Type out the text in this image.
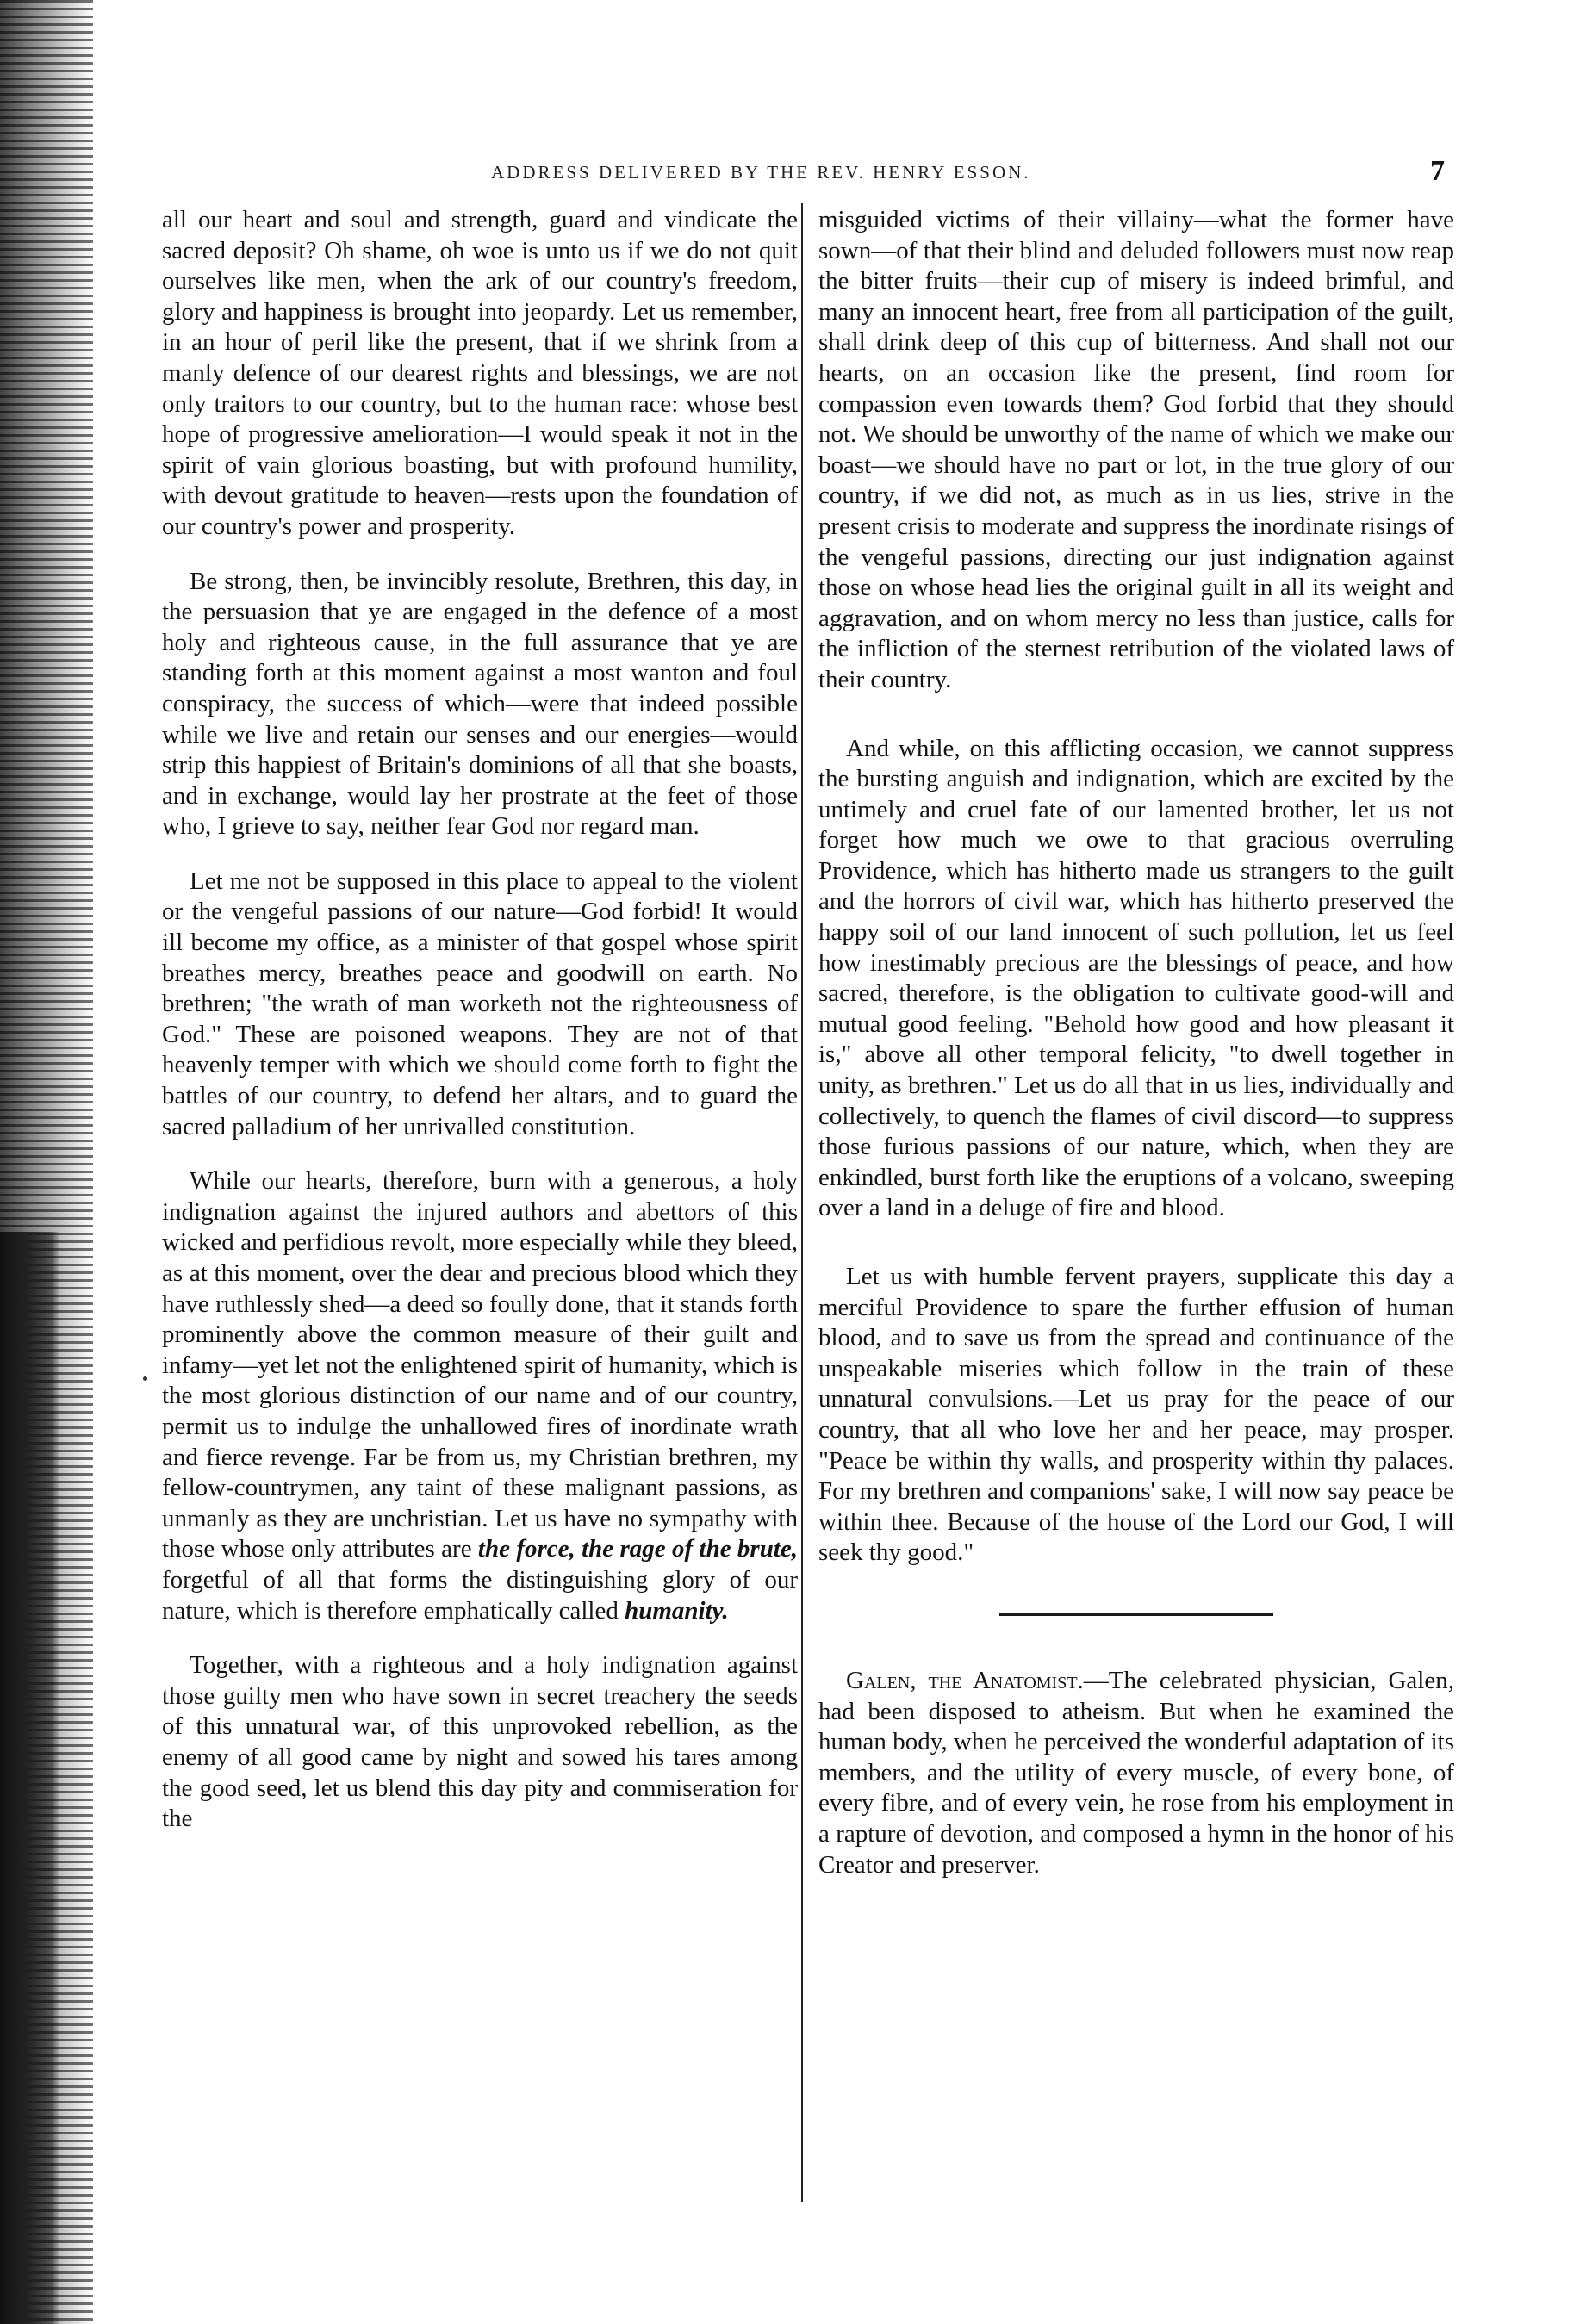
ADDRESS DELIVERED BY THE REV. HENRY ESSON.	7

all our heart and soul and strength, guard and vindicate the sacred deposit? Oh shame, oh woe is unto us if we do not quit ourselves like men, when the ark of our country's freedom, glory and happiness is brought into jeopardy. Let us remember, in an hour of peril like the present, that if we shrink from a manly defence of our dearest rights and blessings, we are not only traitors to our country, but to the human race: whose best hope of progressive amelioration—I would speak it not in the spirit of vain glorious boasting, but with profound humility, with devout gratitude to heaven—rests upon the foundation of our country's power and prosperity.

Be strong, then, be invincibly resolute, Brethren, this day, in the persuasion that ye are engaged in the defence of a most holy and righteous cause, in the full assurance that ye are standing forth at this moment against a most wanton and foul conspiracy, the success of which—were that indeed possible while we live and retain our senses and our energies—would strip this happiest of Britain's dominions of all that she boasts, and in exchange, would lay her prostrate at the feet of those who, I grieve to say, neither fear God nor regard man.

Let me not be supposed in this place to appeal to the violent or the vengeful passions of our nature—God forbid! It would ill become my office, as a minister of that gospel whose spirit breathes mercy, breathes peace and goodwill on earth. No brethren; "the wrath of man worketh not the righteousness of God." These are poisoned weapons. They are not of that heavenly temper with which we should come forth to fight the battles of our country, to defend her altars, and to guard the sacred palladium of her unrivalled constitution.

While our hearts, therefore, burn with a generous, a holy indignation against the injured authors and abettors of this wicked and perfidious revolt, more especially while they bleed, as at this moment, over the dear and precious blood which they have ruthlessly shed—a deed so foully done, that it stands forth prominently above the common measure of their guilt and infamy—yet let not the enlightened spirit of humanity, which is the most glorious distinction of our name and of our country, permit us to indulge the unhallowed fires of inordinate wrath and fierce revenge. Far be from us, my Christian brethren, my fellow-countrymen, any taint of these malignant passions, as unmanly as they are unchristian. Let us have no sympathy with those whose only attributes are the force, the rage of the brute, forgetful of all that forms the distinguishing glory of our nature, which is therefore emphatically called humanity.

Together, with a righteous and a holy indignation against those guilty men who have sown in secret treachery the seeds of this unnatural war, of this unprovoked rebellion, as the enemy of all good came by night and sowed his tares among the good seed, let us blend this day pity and commiseration for the

misguided victims of their villainy—what the former have sown—of that their blind and deluded followers must now reap the bitter fruits—their cup of misery is indeed brimful, and many an innocent heart, free from all participation of the guilt, shall drink deep of this cup of bitterness. And shall not our hearts, on an occasion like the present, find room for compassion even towards them? God forbid that they should not. We should be unworthy of the name of which we make our boast—we should have no part or lot, in the true glory of our country, if we did not, as much as in us lies, strive in the present crisis to moderate and suppress the inordinate risings of the vengeful passions, directing our just indignation against those on whose head lies the original guilt in all its weight and aggravation, and on whom mercy no less than justice, calls for the infliction of the sternest retribution of the violated laws of their country.

And while, on this afflicting occasion, we cannot suppress the bursting anguish and indignation, which are excited by the untimely and cruel fate of our lamented brother, let us not forget how much we owe to that gracious overruling Providence, which has hitherto made us strangers to the guilt and the horrors of civil war, which has hitherto preserved the happy soil of our land innocent of such pollution, let us feel how inestimably precious are the blessings of peace, and how sacred, therefore, is the obligation to cultivate good-will and mutual good feeling. "Behold how good and how pleasant it is," above all other temporal felicity, "to dwell together in unity, as brethren." Let us do all that in us lies, individually and collectively, to quench the flames of civil discord—to suppress those furious passions of our nature, which, when they are enkindled, burst forth like the eruptions of a volcano, sweeping over a land in a deluge of fire and blood.

Let us with humble fervent prayers, supplicate this day a merciful Providence to spare the further effusion of human blood, and to save us from the spread and continuance of the unspeakable miseries which follow in the train of these unnatural convulsions.—Let us pray for the peace of our country, that all who love her and her peace, may prosper. "Peace be within thy walls, and prosperity within thy palaces. For my brethren and companions' sake, I will now say peace be within thee. Because of the house of the Lord our God, I will seek thy good."

Galen, the Anatomist.—The celebrated physician, Galen, had been disposed to atheism. But when he examined the human body, when he perceived the wonderful adaptation of its members, and the utility of every muscle, of every bone, of every fibre, and of every vein, he rose from his employment in a rapture of devotion, and composed a hymn in the honor of his Creator and preserver.
